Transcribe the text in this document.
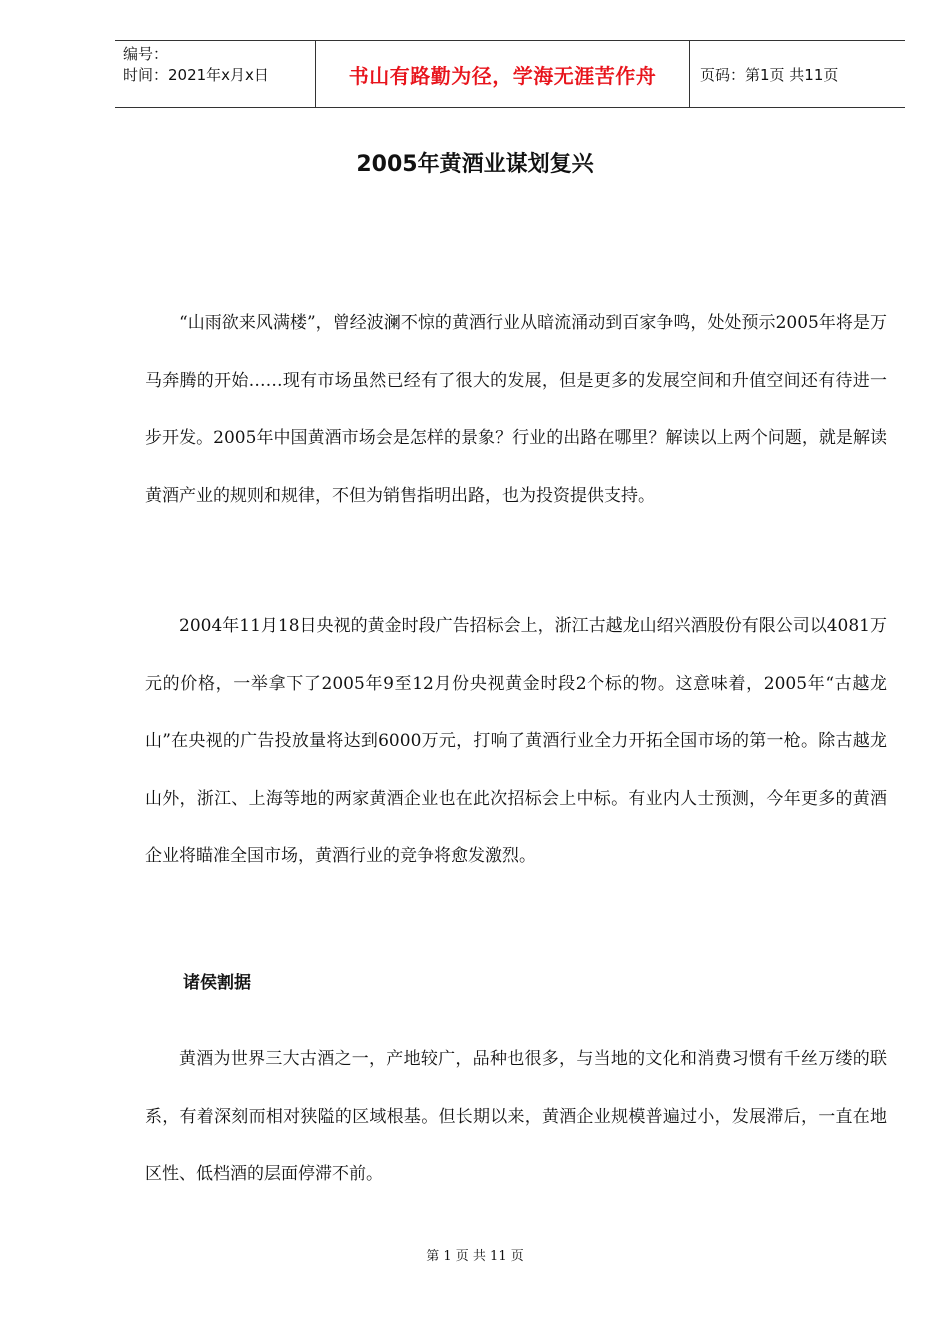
编号：
时间：2021年x月x日	书山有路勤为径，学海无涯苦作舟	页码：第1页 共11页
2005年黄酒业谋划复兴

“山雨欲来风满楼”，曾经波澜不惊的黄酒行业从暗流涌动到百家争鸣，处处预示2005年将是万马奔腾的开始……现有市场虽然已经有了很大的发展，但是更多的发展空间和升值空间还有待进一步开发。2005年中国黄酒市场会是怎样的景象？行业的出路在哪里？解读以上两个问题，就是解读黄酒产业的规则和规律，不但为销售指明出路，也为投资提供支持。

2004年11月18日央视的黄金时段广告招标会上，浙江古越龙山绍兴酒股份有限公司以4081万元的价格，一举拿下了2005年9至12月份央视黄金时段2个标的物。这意味着，2005年“古越龙山”在央视的广告投放量将达到6000万元，打响了黄酒行业全力开拓全国市场的第一枪。除古越龙山外，浙江、上海等地的两家黄酒企业也在此次招标会上中标。有业内人士预测，今年更多的黄酒企业将瞄准全国市场，黄酒行业的竞争将愈发激烈。

诸侯割据

黄酒为世界三大古酒之一，产地较广，品种也很多，与当地的文化和消费习惯有千丝万缕的联系，有着深刻而相对狭隘的区域根基。但长期以来，黄酒企业规模普遍过小，发展滞后，一直在地区性、低档酒的层面停滞不前。

第 1 页 共 11 页
